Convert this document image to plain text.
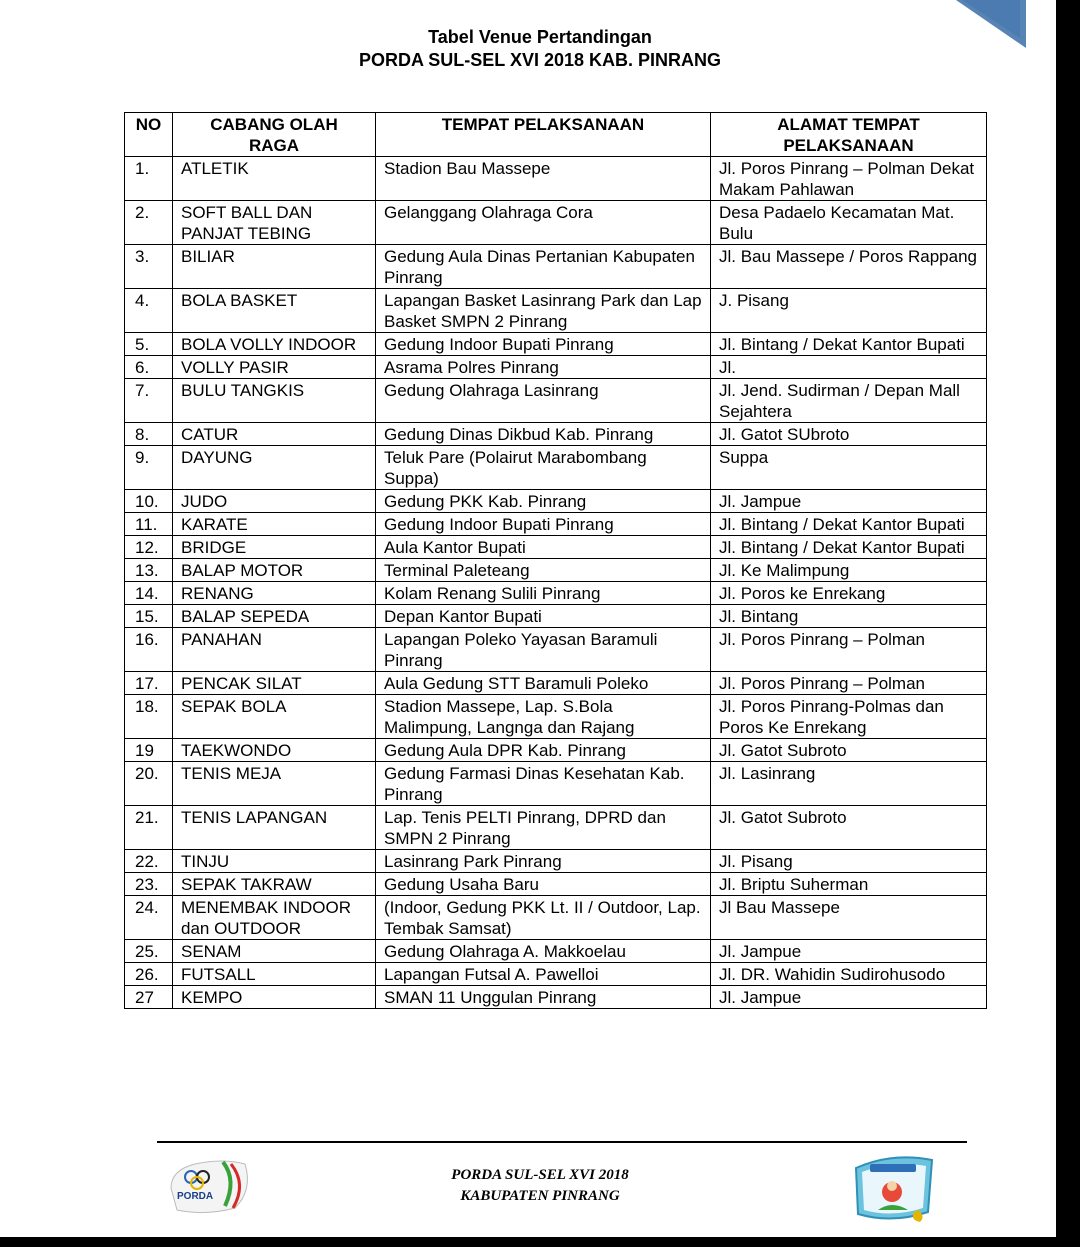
Tabel Venue Pertandingan
PORDA SUL-SEL XVI 2018 KAB. PINRANG
NO	CABANG OLAH RAGA	TEMPAT PELAKSANAAN	ALAMAT TEMPAT PELAKSANAAN
1.	ATLETIK	Stadion Bau Massepe	Jl. Poros Pinrang – Polman Dekat Makam Pahlawan
2.	SOFT BALL DAN PANJAT TEBING	Gelanggang Olahraga Cora	Desa Padaelo Kecamatan Mat. Bulu
3.	BILIAR	Gedung Aula Dinas Pertanian Kabupaten Pinrang	Jl. Bau Massepe / Poros Rappang
4.	BOLA BASKET	Lapangan Basket Lasinrang Park dan Lap Basket SMPN 2 Pinrang	J. Pisang
5.	BOLA VOLLY INDOOR	Gedung Indoor Bupati Pinrang	Jl. Bintang / Dekat Kantor Bupati
6.	VOLLY PASIR	Asrama Polres Pinrang	Jl.
7.	BULU TANGKIS	Gedung Olahraga Lasinrang	Jl. Jend. Sudirman / Depan Mall Sejahtera
8.	CATUR	Gedung Dinas Dikbud Kab. Pinrang	Jl. Gatot SUbroto
9.	DAYUNG	Teluk Pare (Polairut Marabombang Suppa)	Suppa
10.	JUDO	Gedung PKK Kab. Pinrang	Jl. Jampue
11.	KARATE	Gedung Indoor Bupati Pinrang	Jl. Bintang / Dekat Kantor Bupati
12.	BRIDGE	Aula Kantor Bupati	Jl. Bintang / Dekat Kantor Bupati
13.	BALAP MOTOR	Terminal Paleteang	Jl. Ke Malimpung
14.	RENANG	Kolam Renang Sulili Pinrang	Jl. Poros ke Enrekang
15.	BALAP SEPEDA	Depan Kantor Bupati	Jl. Bintang
16.	PANAHAN	Lapangan Poleko Yayasan Baramuli Pinrang	Jl. Poros Pinrang – Polman
17.	PENCAK SILAT	Aula Gedung STT Baramuli Poleko	Jl. Poros Pinrang – Polman
18.	SEPAK BOLA	Stadion Massepe, Lap. S.Bola Malimpung, Langnga dan Rajang	Jl. Poros Pinrang-Polmas dan Poros Ke Enrekang
19	TAEKWONDO	Gedung Aula DPR Kab. Pinrang	Jl. Gatot Subroto
20.	TENIS MEJA	Gedung Farmasi Dinas Kesehatan Kab. Pinrang	Jl. Lasinrang
21.	TENIS LAPANGAN	Lap. Tenis PELTI Pinrang, DPRD dan SMPN 2 Pinrang	Jl. Gatot Subroto
22.	TINJU	Lasinrang Park Pinrang	Jl. Pisang
23.	SEPAK TAKRAW	Gedung Usaha Baru	Jl. Briptu Suherman
24.	MENEMBAK INDOOR dan OUTDOOR	(Indoor, Gedung PKK Lt. II / Outdoor, Lap. Tembak Samsat)	Jl Bau Massepe
25.	SENAM	Gedung Olahraga A. Makkoelau	Jl. Jampue
26.	FUTSALL	Lapangan Futsal A. Pawelloi	Jl. DR. Wahidin Sudirohusodo
27	KEMPO	SMAN 11 Unggulan Pinrang	Jl. Jampue
PORDA
PORDA SUL-SEL XVI 2018
KABUPATEN PINRANG
